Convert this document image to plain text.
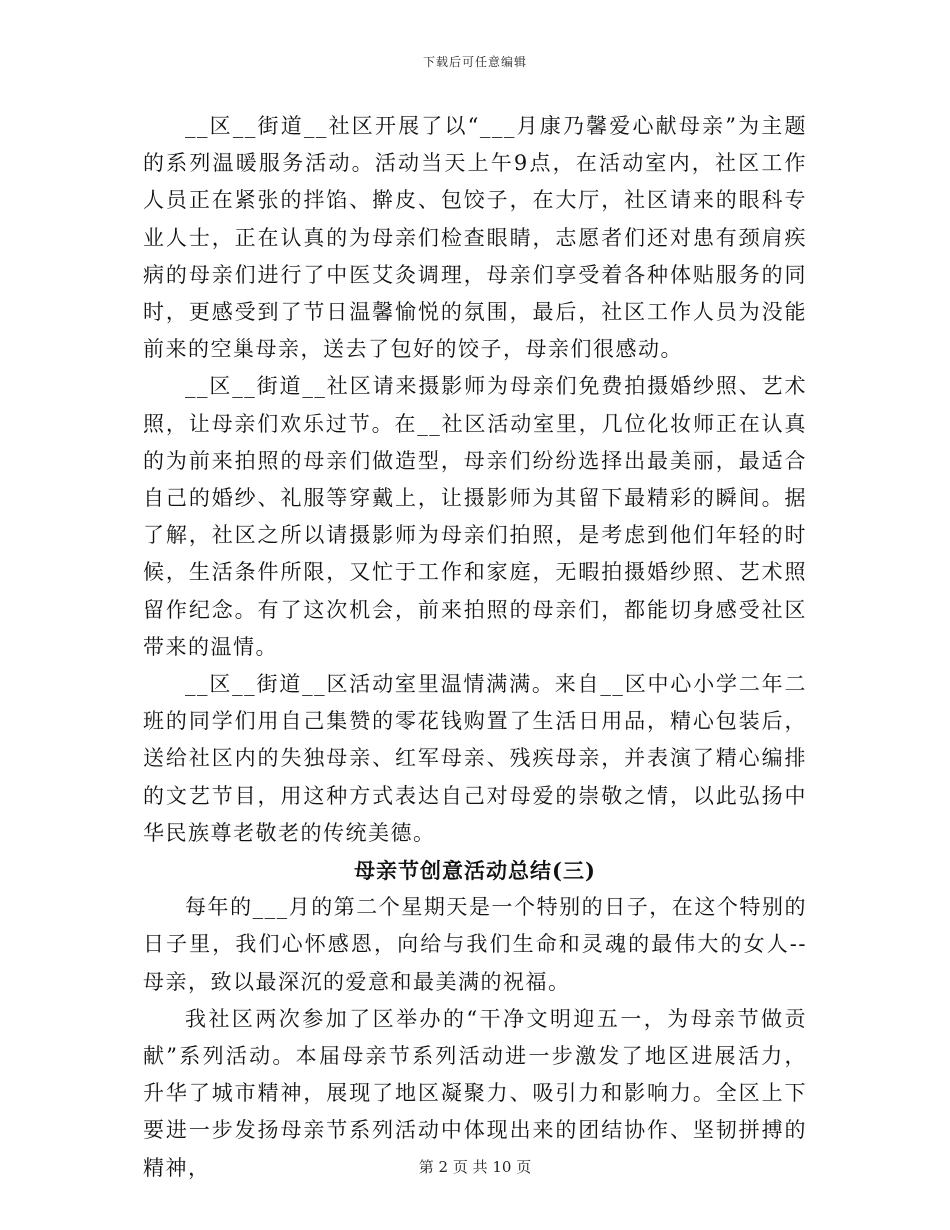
下载后可任意编辑

__区__街道__社区开展了以“___月康乃馨爱心献母亲”为主题的系列温暖服务活动。活动当天上午9点，在活动室内，社区工作人员正在紧张的拌馅、擀皮、包饺子，在大厅，社区请来的眼科专业人士，正在认真的为母亲们检查眼睛，志愿者们还对患有颈肩疾病的母亲们进行了中医艾灸调理，母亲们享受着各种体贴服务的同时，更感受到了节日温馨愉悦的氛围，最后，社区工作人员为没能前来的空巢母亲，送去了包好的饺子，母亲们很感动。

__区__街道__社区请来摄影师为母亲们免费拍摄婚纱照、艺术照，让母亲们欢乐过节。在__社区活动室里，几位化妆师正在认真的为前来拍照的母亲们做造型，母亲们纷纷选择出最美丽，最适合自己的婚纱、礼服等穿戴上，让摄影师为其留下最精彩的瞬间。据了解，社区之所以请摄影师为母亲们拍照，是考虑到他们年轻的时候，生活条件所限，又忙于工作和家庭，无暇拍摄婚纱照、艺术照留作纪念。有了这次机会，前来拍照的母亲们，都能切身感受社区带来的温情。

__区__街道__区活动室里温情满满。来自__区中心小学二年二班的同学们用自己集赞的零花钱购置了生活日用品，精心包装后，送给社区内的失独母亲、红军母亲、残疾母亲，并表演了精心编排的文艺节目，用这种方式表达自己对母爱的崇敬之情，以此弘扬中华民族尊老敬老的传统美德。

母亲节创意活动总结(三)

每年的___月的第二个星期天是一个特别的日子，在这个特别的日子里，我们心怀感恩，向给与我们生命和灵魂的最伟大的女人--母亲，致以最深沉的爱意和最美满的祝福。

我社区两次参加了区举办的“干净文明迎五一，为母亲节做贡献”系列活动。本届母亲节系列活动进一步激发了地区进展活力，升华了城市精神，展现了地区凝聚力、吸引力和影响力。全区上下要进一步发扬母亲节系列活动中体现出来的团结协作、坚韧拼搏的精神，	第 2 页 共 10 页
